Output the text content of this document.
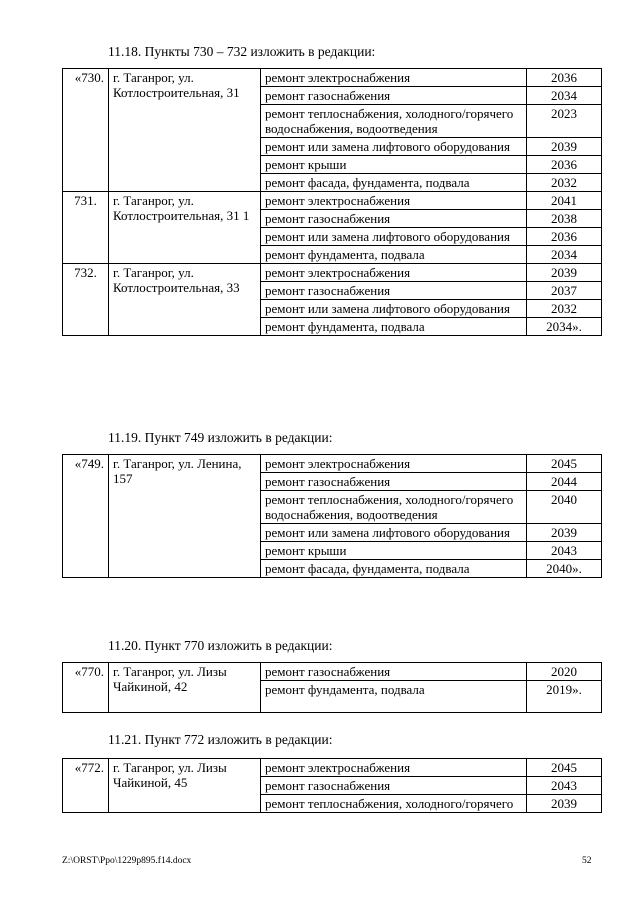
11.18. Пункты 730 – 732 изложить в редакции:
«730.	г. Таганрог, ул. Котлостроительная, 31	ремонт электроснабжения	2036
		ремонт газоснабжения	2034
		ремонт теплоснабжения, холодного/горячего водоснабжения, водоотведения	2023
		ремонт или замена лифтового оборудования	2039
		ремонт крыши	2036
		ремонт фасада, фундамента, подвала	2032
731.	г. Таганрог, ул. Котлостроительная, 31 1	ремонт электроснабжения	2041
		ремонт газоснабжения	2038
		ремонт или замена лифтового оборудования	2036
		ремонт фундамента, подвала	2034
732.	г. Таганрог, ул. Котлостроительная, 33	ремонт электроснабжения	2039
		ремонт газоснабжения	2037
		ремонт или замена лифтового оборудования	2032
		ремонт фундамента, подвала	2034».
11.19. Пункт 749 изложить в редакции:
«749.	г. Таганрог, ул. Ленина, 157	ремонт электроснабжения	2045
		ремонт газоснабжения	2044
		ремонт теплоснабжения, холодного/горячего водоснабжения, водоотведения	2040
		ремонт или замена лифтового оборудования	2039
		ремонт крыши	2043
		ремонт фасада, фундамента, подвала	2040».
11.20. Пункт 770 изложить в редакции:
«770.	г. Таганрог, ул. Лизы Чайкиной, 42	ремонт газоснабжения	2020
		ремонт фундамента, подвала	2019».
11.21. Пункт 772 изложить в редакции:
«772.	г. Таганрог, ул. Лизы Чайкиной, 45	ремонт электроснабжения	2045
		ремонт газоснабжения	2043
		ремонт теплоснабжения, холодного/горячего	2039
Z:\ORST\Ppo\1229p895.f14.docx	52
